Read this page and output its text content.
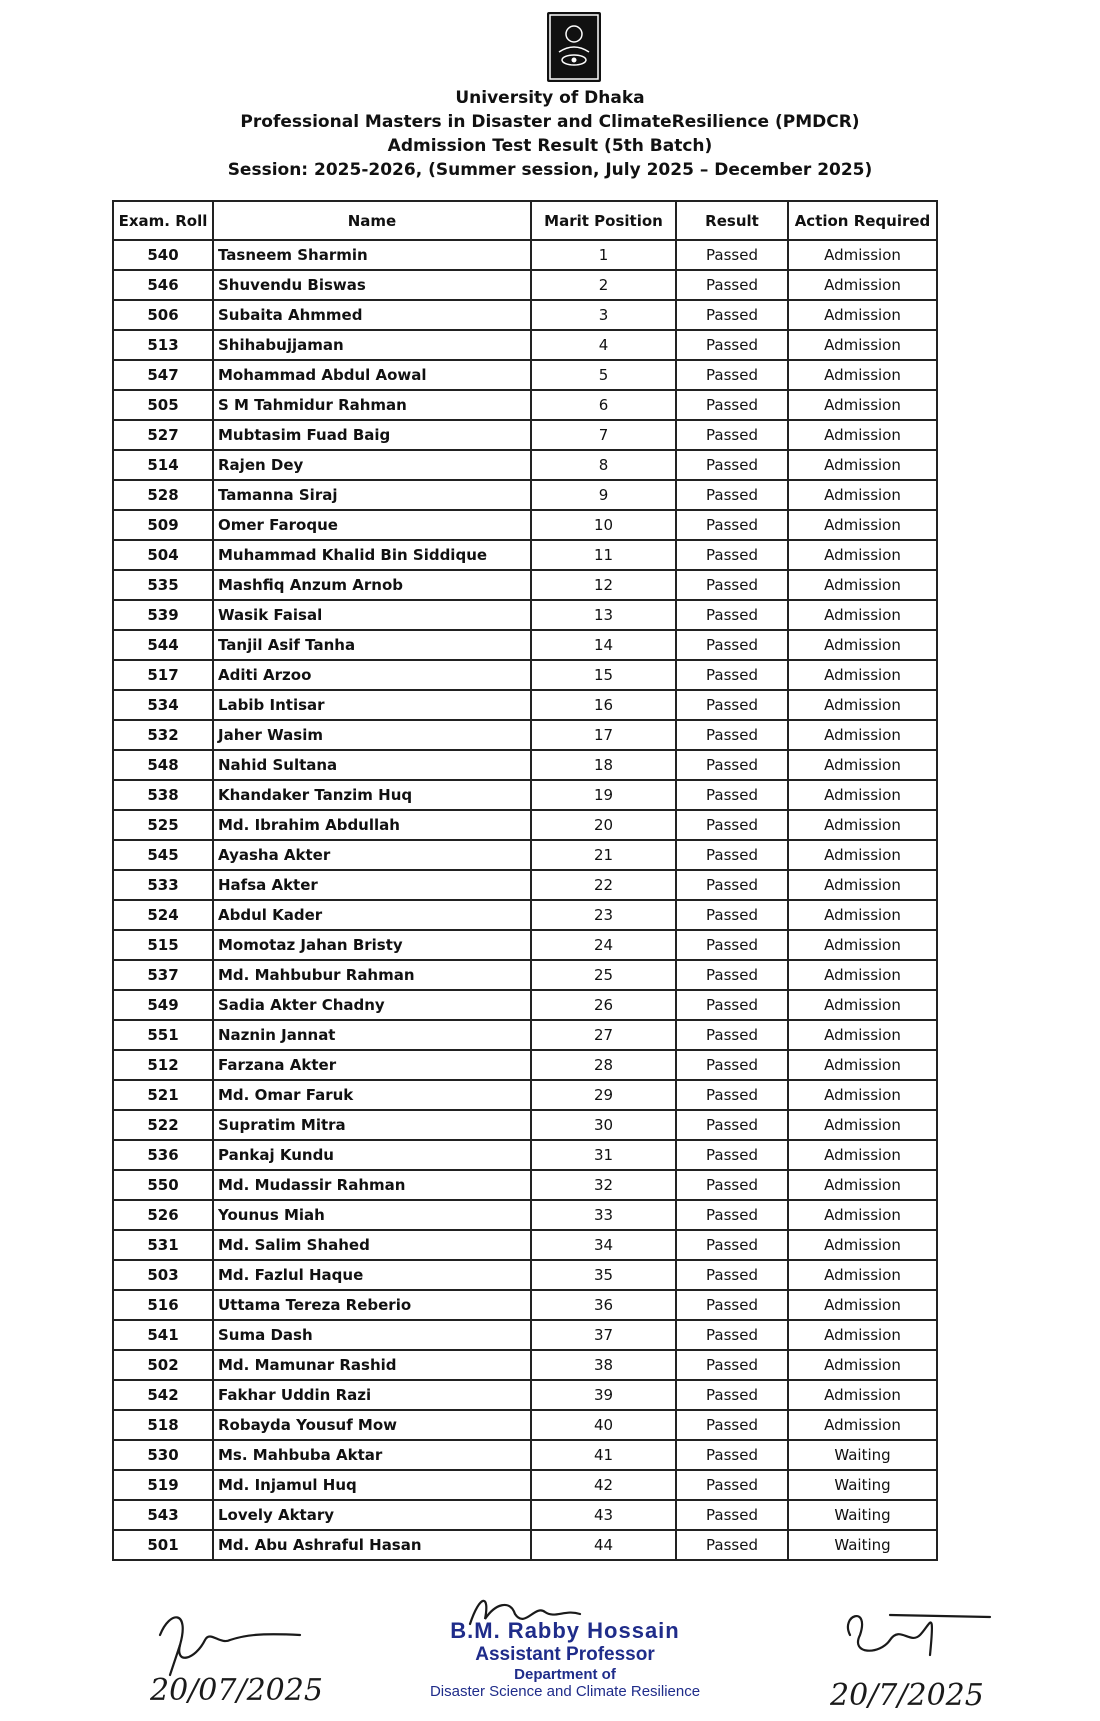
University of Dhaka
Professional Masters in Disaster and ClimateResilience (PMDCR)
Admission Test Result (5th Batch)
Session: 2025-2026, (Summer session, July 2025 – December 2025)
Exam. Roll	Name	Marit Position	Result	Action Required
540	Tasneem Sharmin	1	Passed	Admission
546	Shuvendu Biswas	2	Passed	Admission
506	Subaita Ahmmed	3	Passed	Admission
513	Shihabujjaman	4	Passed	Admission
547	Mohammad Abdul Aowal	5	Passed	Admission
505	S M Tahmidur Rahman	6	Passed	Admission
527	Mubtasim Fuad Baig	7	Passed	Admission
514	Rajen Dey	8	Passed	Admission
528	Tamanna Siraj	9	Passed	Admission
509	Omer Faroque	10	Passed	Admission
504	Muhammad Khalid Bin Siddique	11	Passed	Admission
535	Mashfiq Anzum Arnob	12	Passed	Admission
539	Wasik Faisal	13	Passed	Admission
544	Tanjil Asif Tanha	14	Passed	Admission
517	Aditi Arzoo	15	Passed	Admission
534	Labib Intisar	16	Passed	Admission
532	Jaher Wasim	17	Passed	Admission
548	Nahid Sultana	18	Passed	Admission
538	Khandaker Tanzim Huq	19	Passed	Admission
525	Md. Ibrahim Abdullah	20	Passed	Admission
545	Ayasha Akter	21	Passed	Admission
533	Hafsa Akter	22	Passed	Admission
524	Abdul Kader	23	Passed	Admission
515	Momotaz Jahan Bristy	24	Passed	Admission
537	Md. Mahbubur Rahman	25	Passed	Admission
549	Sadia Akter Chadny	26	Passed	Admission
551	Naznin Jannat	27	Passed	Admission
512	Farzana Akter	28	Passed	Admission
521	Md. Omar Faruk	29	Passed	Admission
522	Supratim Mitra	30	Passed	Admission
536	Pankaj Kundu	31	Passed	Admission
550	Md. Mudassir Rahman	32	Passed	Admission
526	Younus Miah	33	Passed	Admission
531	Md. Salim Shahed	34	Passed	Admission
503	Md. Fazlul Haque	35	Passed	Admission
516	Uttama Tereza Reberio	36	Passed	Admission
541	Suma Dash	37	Passed	Admission
502	Md. Mamunar Rashid	38	Passed	Admission
542	Fakhar Uddin Razi	39	Passed	Admission
518	Robayda Yousuf Mow	40	Passed	Admission
530	Ms. Mahbuba Aktar	41	Passed	Waiting
519	Md. Injamul Huq	42	Passed	Waiting
543	Lovely Aktary	43	Passed	Waiting
501	Md. Abu Ashraful Hasan	44	Passed	Waiting
20/07/2025
B.M. Rabby Hossain
Assistant Professor
Department of
Disaster Science and Climate Resilience	20/7/2025
